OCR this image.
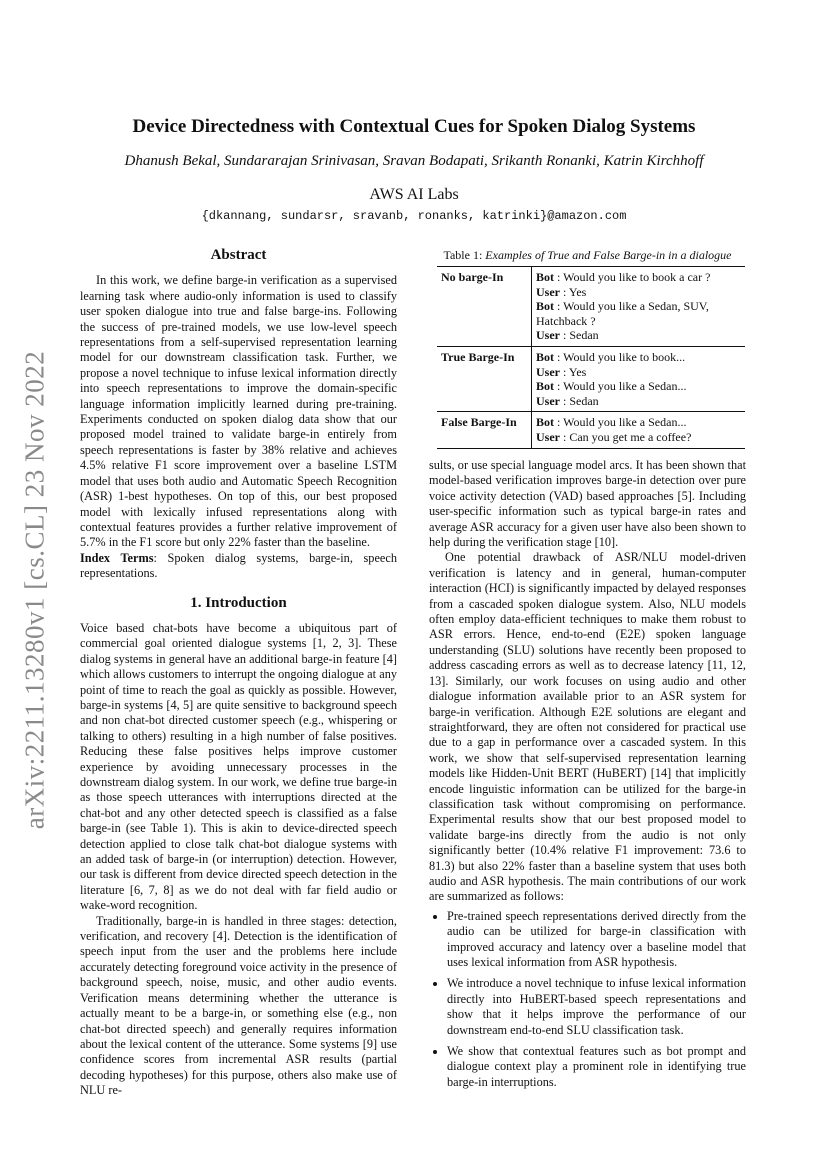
arXiv:2211.13280v1 [cs.CL] 23 Nov 2022
Device Directedness with Contextual Cues for Spoken Dialog Systems
Dhanush Bekal, Sundararajan Srinivasan, Sravan Bodapati, Srikanth Ronanki, Katrin Kirchhoff
AWS AI Labs
{dkannang, sundarsr, sravanb, ronanks, katrinki}@amazon.com
Abstract

In this work, we define barge-in verification as a supervised learning task where audio-only information is used to classify user spoken dialogue into true and false barge-ins. Following the success of pre-trained models, we use low-level speech representations from a self-supervised representation learning model for our downstream classification task. Further, we propose a novel technique to infuse lexical information directly into speech representations to improve the domain-specific language information implicitly learned during pre-training. Experiments conducted on spoken dialog data show that our proposed model trained to validate barge-in entirely from speech representations is faster by 38% relative and achieves 4.5% relative F1 score improvement over a baseline LSTM model that uses both audio and Automatic Speech Recognition (ASR) 1-best hypotheses. On top of this, our best proposed model with lexically infused representations along with contextual features provides a further relative improvement of 5.7% in the F1 score but only 22% faster than the baseline.

Index Terms: Spoken dialog systems, barge-in, speech representations.

1. Introduction

Voice based chat-bots have become a ubiquitous part of commercial goal oriented dialogue systems [1, 2, 3]. These dialog systems in general have an additional barge-in feature [4] which allows customers to interrupt the ongoing dialogue at any point of time to reach the goal as quickly as possible. However, barge-in systems [4, 5] are quite sensitive to background speech and non chat-bot directed customer speech (e.g., whispering or talking to others) resulting in a high number of false positives. Reducing these false positives helps improve customer experience by avoiding unnecessary processes in the downstream dialog system. In our work, we define true barge-in as those speech utterances with interruptions directed at the chat-bot and any other detected speech is classified as a false barge-in (see Table 1). This is akin to device-directed speech detection applied to close talk chat-bot dialogue systems with an added task of barge-in (or interruption) detection. However, our task is different from device directed speech detection in the literature [6, 7, 8] as we do not deal with far field audio or wake-word recognition.

Traditionally, barge-in is handled in three stages: detection, verification, and recovery [4]. Detection is the identification of speech input from the user and the problems here include accurately detecting foreground voice activity in the presence of background speech, noise, music, and other audio events. Verification means determining whether the utterance is actually meant to be a barge-in, or something else (e.g., non chat-bot directed speech) and generally requires information about the lexical content of the utterance. Some systems [9] use confidence scores from incremental ASR results (partial decoding hypotheses) for this purpose, others also make use of NLU re-

Table 1: Examples of True and False Barge-in in a dialogue
No barge-In	Bot : Would you like to book a car ?
User : Yes
Bot : Would you like a Sedan, SUV, Hatchback ?
User : Sedan

True Barge-In	Bot : Would you like to book...
User : Yes
Bot : Would you like a Sedan...
User : Sedan

False Barge-In	Bot : Would you like a Sedan...
User : Can you get me a coffee?

sults, or use special language model arcs. It has been shown that model-based verification improves barge-in detection over pure voice activity detection (VAD) based approaches [5]. Including user-specific information such as typical barge-in rates and average ASR accuracy for a given user have also been shown to help during the verification stage [10].

One potential drawback of ASR/NLU model-driven verification is latency and in general, human-computer interaction (HCI) is significantly impacted by delayed responses from a cascaded spoken dialogue system. Also, NLU models often employ data-efficient techniques to make them robust to ASR errors. Hence, end-to-end (E2E) spoken language understanding (SLU) solutions have recently been proposed to address cascading errors as well as to decrease latency [11, 12, 13]. Similarly, our work focuses on using audio and other dialogue information available prior to an ASR system for barge-in verification. Although E2E solutions are elegant and straightforward, they are often not considered for practical use due to a gap in performance over a cascaded system. In this work, we show that self-supervised representation learning models like Hidden-Unit BERT (HuBERT) [14] that implicitly encode linguistic information can be utilized for the barge-in classification task without compromising on performance. Experimental results show that our best proposed model to validate barge-ins directly from the audio is not only significantly better (10.4% relative F1 improvement: 73.6 to 81.3) but also 22% faster than a baseline system that uses both audio and ASR hypothesis. The main contributions of our work are summarized as follows:

• Pre-trained speech representations derived directly from the audio can be utilized for barge-in classification with improved accuracy and latency over a baseline model that uses lexical information from ASR hypothesis.
• We introduce a novel technique to infuse lexical information directly into HuBERT-based speech representations and show that it helps improve the performance of our downstream end-to-end SLU classification task.
• We show that contextual features such as bot prompt and dialogue context play a prominent role in identifying true barge-in interruptions.
